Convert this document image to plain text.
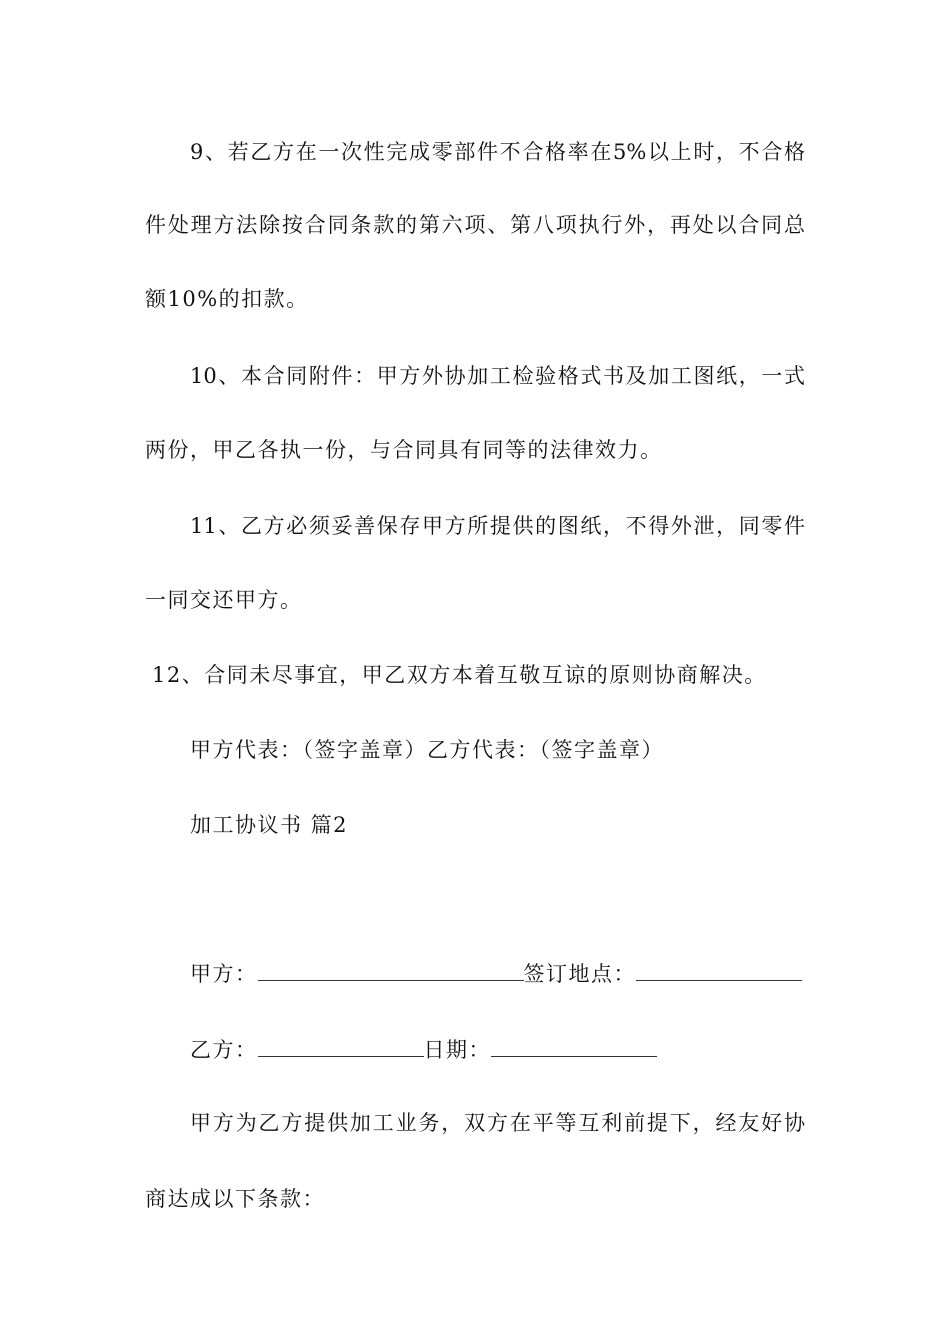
9、若乙方在一次性完成零部件不合格率在5%以上时，不合格
件处理方法除按合同条款的第六项、第八项执行外，再处以合同总
额10%的扣款。
10、本合同附件：甲方外协加工检验格式书及加工图纸，一式
两份，甲乙各执一份，与合同具有同等的法律效力。
11、乙方必须妥善保存甲方所提供的图纸，不得外泄，同零件
一同交还甲方。
12、合同未尽事宜，甲乙双方本着互敬互谅的原则协商解决。
甲方代表：（签字盖章）乙方代表：（签字盖章）
加工协议书 篇2
甲方：	签订地点：
乙方：	日期：
甲方为乙方提供加工业务，双方在平等互利前提下，经友好协
商达成以下条款：
